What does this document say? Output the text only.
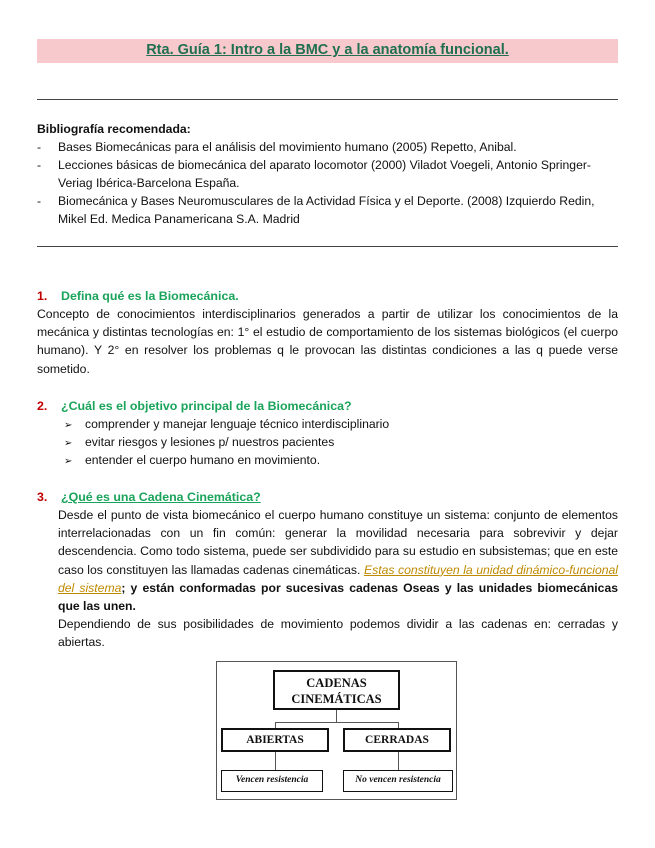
Rta. Guía 1: Intro a la BMC y a la anatomía funcional.
Bibliografía recomendada:
- Bases Biomecánicas para el análisis del movimiento humano (2005) Repetto, Anibal.
- Lecciones básicas de biomecánica del aparato locomotor (2000) Viladot Voegeli, Antonio Springer-Veriag Ibérica-Barcelona España.
- Biomecánica y Bases Neuromusculares de la Actividad Física y el Deporte. (2008) Izquierdo Redin, Mikel Ed. Medica Panamericana S.A. Madrid
1. Defina qué es la Biomecánica.
Concepto de conocimientos interdisciplinarios generados a partir de utilizar los conocimientos de la mecánica y distintas tecnologías en: 1° el estudio de comportamiento de los sistemas biológicos (el cuerpo humano). Y 2° en resolver los problemas q le provocan las distintas condiciones a las q puede verse sometido.
2. ¿Cuál es el objetivo principal de la Biomecánica?
➢ comprender y manejar lenguaje técnico interdisciplinario
➢ evitar riesgos y lesiones p/ nuestros pacientes
➢ entender el cuerpo humano en movimiento.
3. ¿Qué es una Cadena Cinemática?
Desde el punto de vista biomecánico el cuerpo humano constituye un sistema: conjunto de elementos interrelacionadas con un fin común: generar la movilidad necesaria para sobrevivir y dejar descendencia. Como todo sistema, puede ser subdividido para su estudio en subsistemas; que en este caso los constituyen las llamadas cadenas cinemáticas. Estas constituyen la unidad dinámico-funcional del sistema; y están conformadas por sucesivas cadenas Oseas y las unidades biomecánicas que las unen.
Dependiendo de sus posibilidades de movimiento podemos dividir a las cadenas en: cerradas y abiertas.
CADENAS
CINEMÁTICAS
ABIERTAS	CERRADAS
Vencen resistencia	No vencen resistencia
